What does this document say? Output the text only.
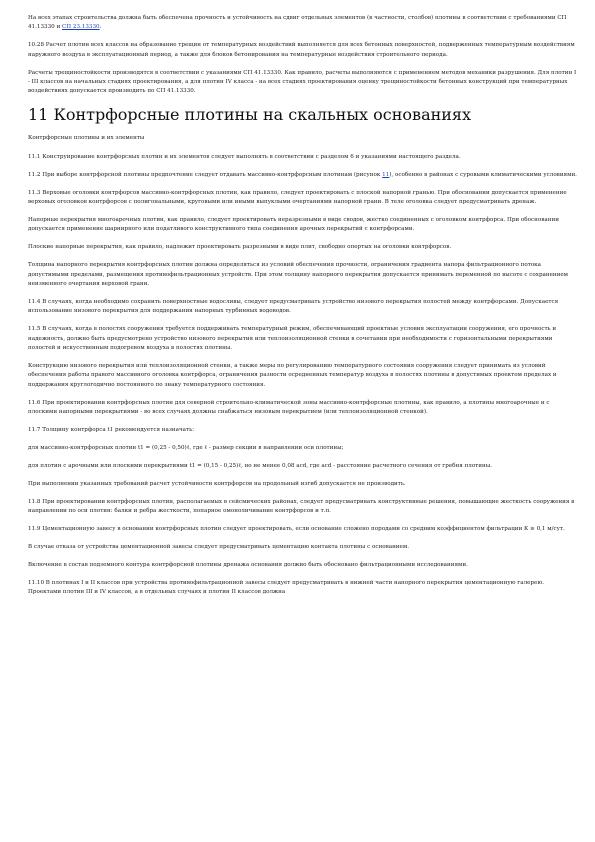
На всех этапах строительства должна быть обеспечена прочность и устойчивость на сдвиг отдельных элементов (в частности, столбов) плотины в соответствии с требованиями СП 41.13330 и СП 23.13330.

10.28 Расчет плотин всех классов на образование трещин от температурных воздействий выполняется для всех бетонных поверхностей, подверженных температурным воздействиям наружного воздуха в эксплуатационный период, а также для блоков бетонирования на температурные воздействия строительного периода.

Расчеты трещиностойкости производятся в соответствии с указаниями СП 41.13330. Как правило, расчеты выполняются с применением методов механики разрушения. Для плотин I - III классов на начальных стадиях проектирования, а для плотин IV класса - на всех стадиях проектирования оценку трещиностойкости бетонных конструкций при температурных воздействиях допускается производить по СП 41.13330.

11 Контрфорсные плотины на скальных основаниях

Контрфорсные плотины и их элементы

11.1 Конструирование контрфорсных плотин и их элементов следует выполнять в соответствии с разделом 6 и указаниями настоящего раздела.

11.2 При выборе контрфорсной плотины предпочтение следует отдавать массивно-контрфорсным плотинам (рисунок 11), особенно в районах с суровыми климатическими условиями.

11.3 Верховые оголовки контрфорсов массивно-контрфорсных плотин, как правило, следует проектировать с плоской напорной гранью. При обосновании допускается применение верховых оголовков контрфорсов с полигональными, круговыми или иными выпуклыми очертаниями напорной грани. В теле оголовка следует предусматривать дренаж.

Напорные перекрытия многоарочных плотин, как правило, следует проектировать неразрезными в виде сводов, жестко соединенных с оголовком контрфорса. При обосновании допускается применение шарнирного или податливого конструктивного типа соединения арочных перекрытий с контрфорсами.

Плоские напорные перекрытия, как правило, надлежит проектировать разрезными в виде плит, свободно опертых на оголовки контрфорсов.

Толщина напорного перекрытия контрфорсных плотин должна определяться из условий обеспечения прочности, ограничения градиента напора фильтрационного потока допустимыми пределами, размещения противофильтрационных устройств. При этом толщину напорного перекрытия допускается принимать переменной по высоте с сохранением неизменного очертания верховой грани.

11.4 В случаях, когда необходимо сохранить поверхностные водосливы, следует предусматривать устройство низового перекрытия полостей между контрфорсами. Допускается использование низового перекрытия для поддержания напорных турбинных водоводов.

11.5 В случаях, когда в полостях сооружения требуется поддерживать температурный режим, обеспечивающий проектные условия эксплуатации сооружения, его прочность и надежность, должно быть предусмотрено устройство низового перекрытия или теплоизоляционной стенки в сочетании при необходимости с горизонтальными перекрытиями полостей и искусственным подогревом воздуха в полостях плотины.

Конструкцию низового перекрытия или теплоизоляционной стенки, а также меры по регулированию температурного состояния сооружения следует принимать из условий обеспечения работы правого массивного оголовка контрфорса, ограничения разности осредненных температур воздуха в полостях плотины в допустимых проектом пределах и поддержания круглогодично постоянного по знаку температурного состояния.

11.6 При проектировании контрфорсных плотин для северной строительно-климатической зоны массивно-контрфорсные плотины, как правило, а плотины многоарочные и с плоскими напорными перекрытиями - во всех случаях должны снабжаться низовым перекрытием (или теплоизоляционной стенкой).

11.7 Толщину контрфорса t1 рекомендуется назначать:

для массивно-контрфорсных плотин t1 = (0,25 - 0,50)ℓ, где ℓ - размер секции в направлении оси плотины;

для плотин с арочными или плоскими перекрытиями t1 = (0,15 - 0,25)ℓ, но не менее 0,08 аcd, где аcd - расстояние расчетного сечения от гребня плотины.

При выполнении указанных требований расчет устойчивости контрфорсов на продольный изгиб допускается не производить.

11.8 При проектировании контрфорсных плотин, располагаемых в сейсмических районах, следует предусматривать конструктивные решения, повышающие жесткость сооружения в направлении по оси плотин: балки и ребра жесткости, попарное омоноличивание контрфорсов и т.п.

11.9 Цементационную завесу в основании контрфорсных плотин следует проектировать, если основание сложено породами со средним коэффициентом фильтрации К ≥ 0,1 м/сут.

В случае отказа от устройства цементационной завесы следует предусматривать цементацию контакта плотины с основанием.

Включение в состав подземного контура контрфорсной плотины дренажа основания должно быть обосновано фильтрационными исследованиями.

11.10 В плотинах I и II классов при устройства противофильтрационной завесы следует предусматривать в нижней части напорного перекрытия цементационную галерею. Проектами плотин III и IV классов, а в отдельных случаях и плотин II классов должна
